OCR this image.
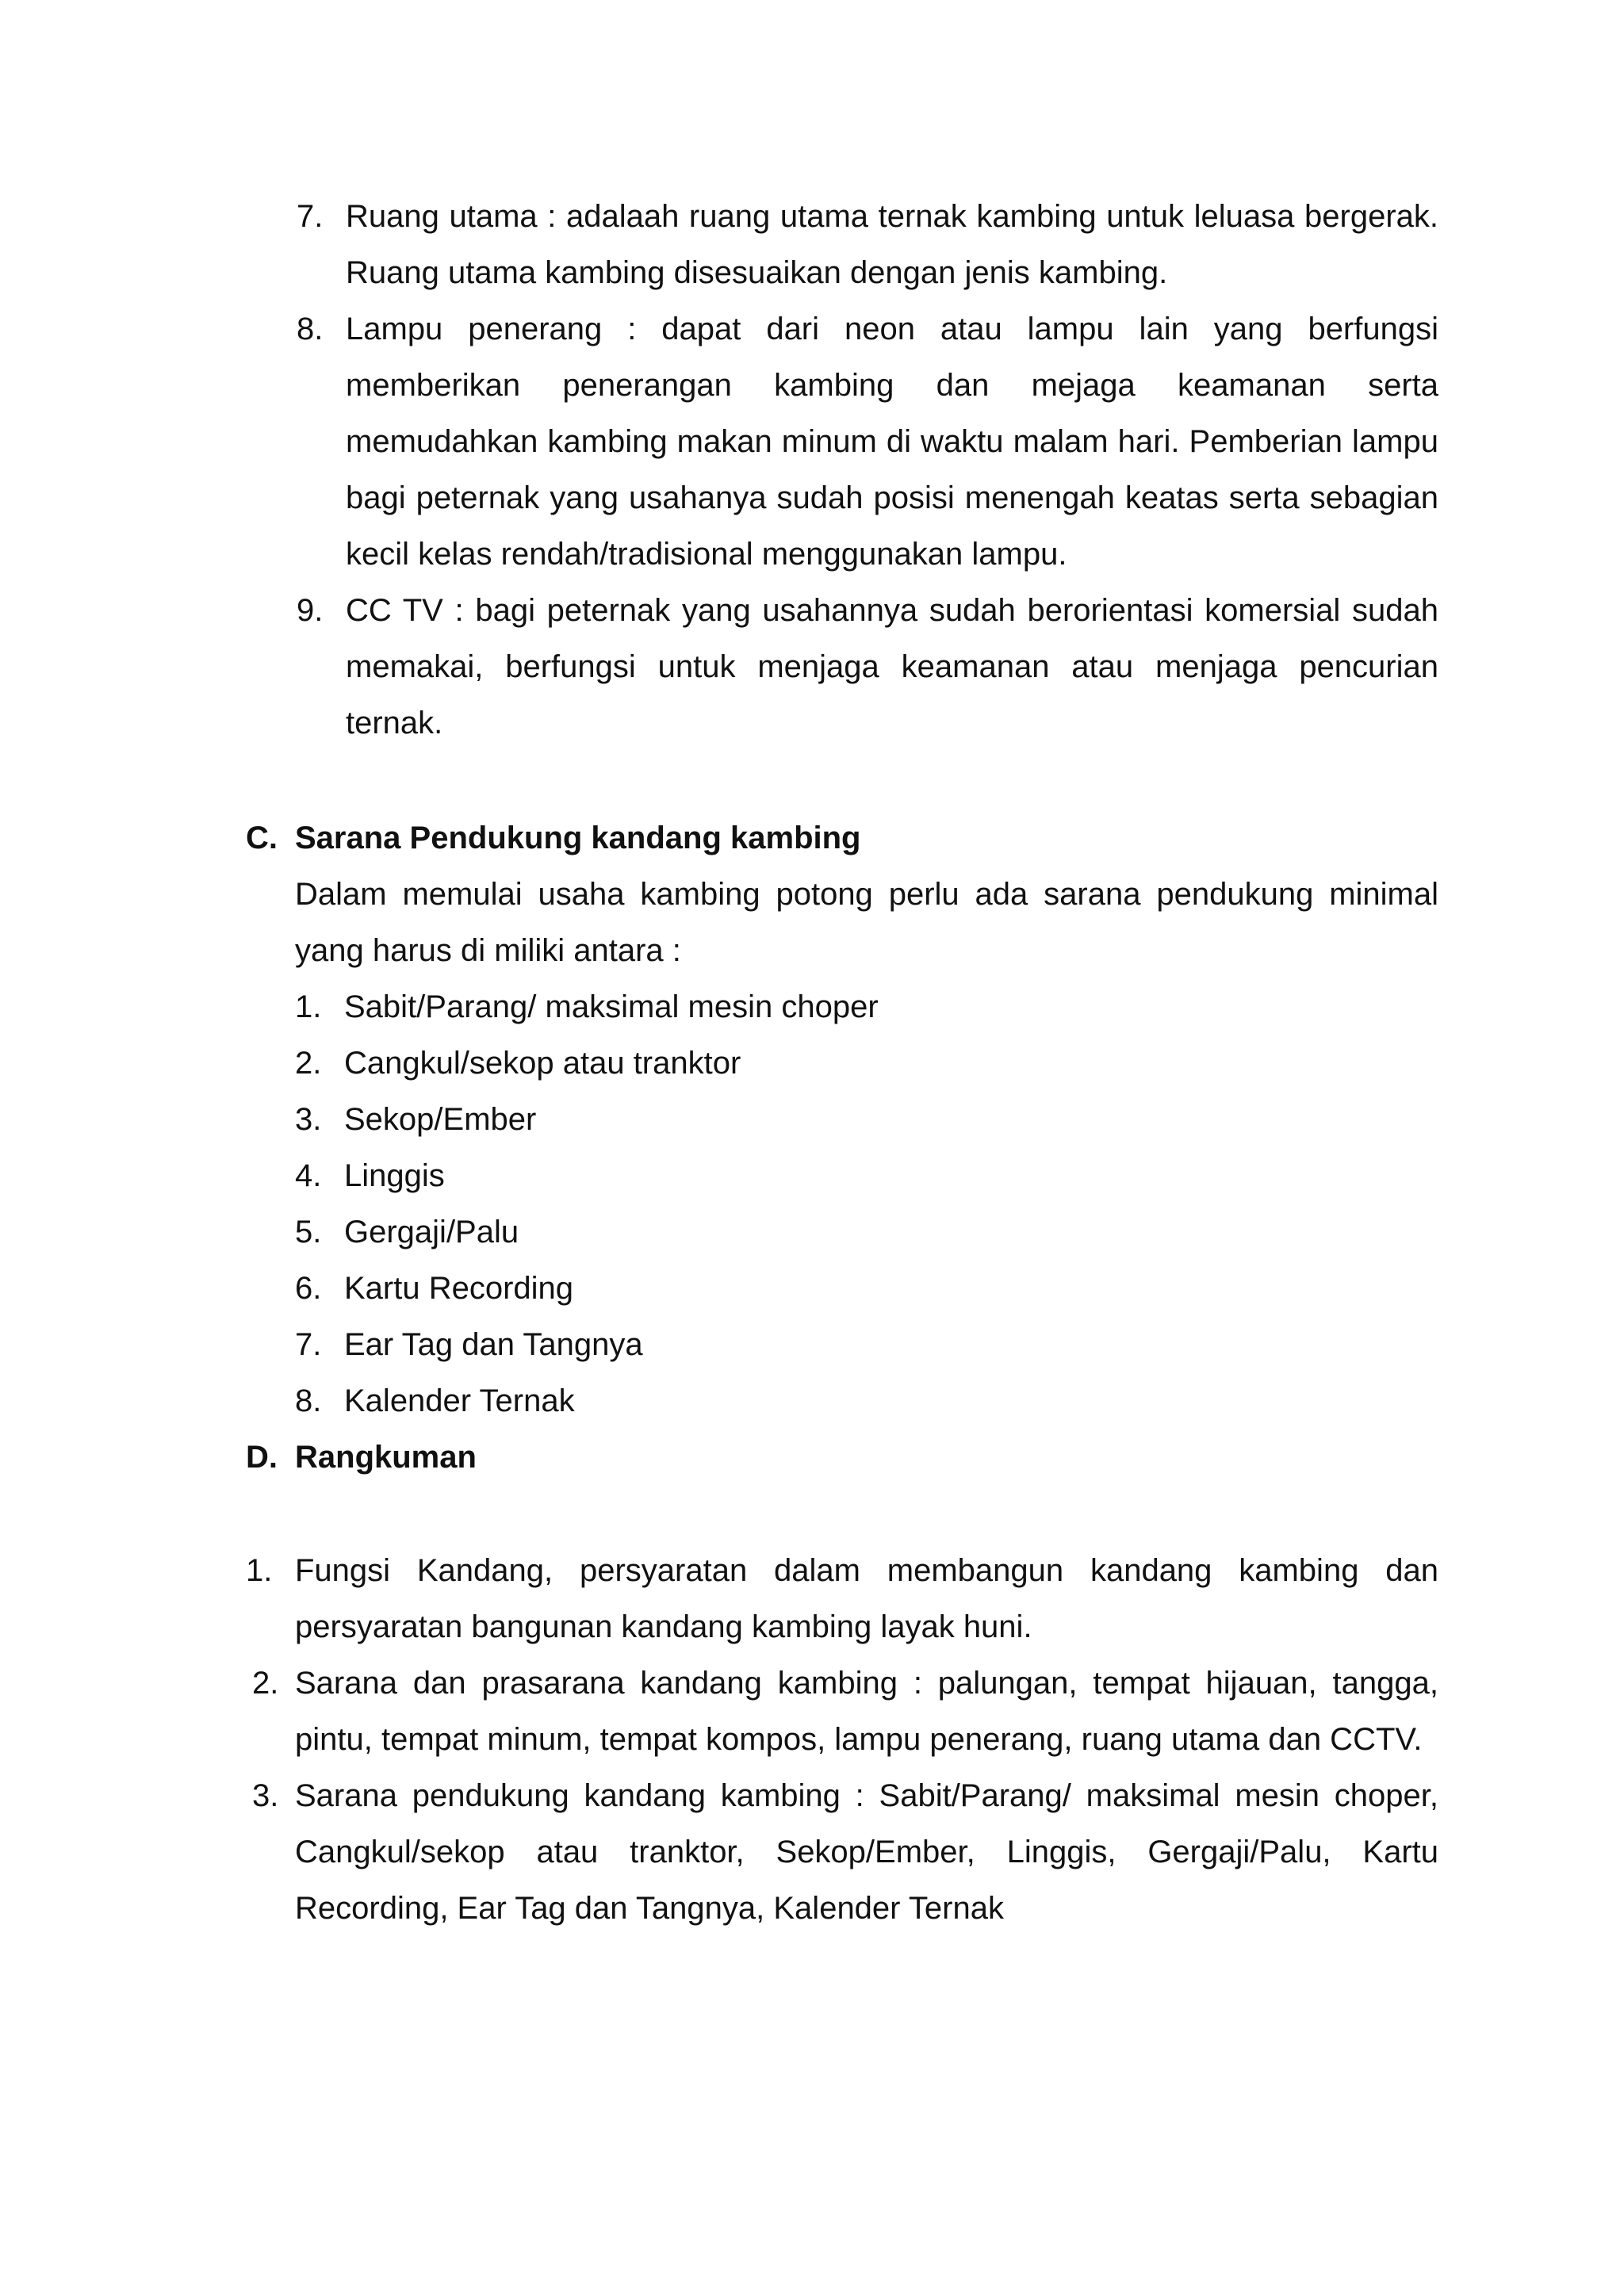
7. Ruang utama : adalaah ruang utama ternak kambing untuk leluasa bergerak. Ruang utama kambing disesuaikan dengan jenis kambing.
8. Lampu penerang : dapat dari neon atau lampu lain yang berfungsi memberikan penerangan kambing dan mejaga keamanan serta memudahkan kambing makan minum di waktu malam hari. Pemberian lampu bagi peternak yang usahanya sudah posisi menengah keatas serta sebagian kecil kelas rendah/tradisional menggunakan lampu.
9. CC TV : bagi peternak yang usahannya sudah berorientasi komersial sudah memakai, berfungsi untuk menjaga keamanan atau menjaga pencurian ternak.
C. Sarana Pendukung kandang kambing

Dalam memulai usaha kambing potong perlu ada sarana pendukung minimal yang harus di miliki antara :

1. Sabit/Parang/ maksimal mesin choper
2. Cangkul/sekop atau tranktor
3. Sekop/Ember
4. Linggis
5. Gergaji/Palu
6. Kartu Recording
7. Ear Tag dan Tangnya
8. Kalender Ternak
D. Rangkuman
1. Fungsi Kandang, persyaratan dalam membangun kandang kambing dan persyaratan bangunan kandang kambing layak huni.
2. Sarana dan prasarana kandang kambing : palungan, tempat hijauan, tangga, pintu, tempat minum, tempat kompos, lampu penerang, ruang utama dan CCTV.
3. Sarana pendukung kandang kambing : Sabit/Parang/ maksimal mesin choper, Cangkul/sekop atau tranktor, Sekop/Ember, Linggis, Gergaji/Palu, Kartu Recording, Ear Tag dan Tangnya, Kalender Ternak
